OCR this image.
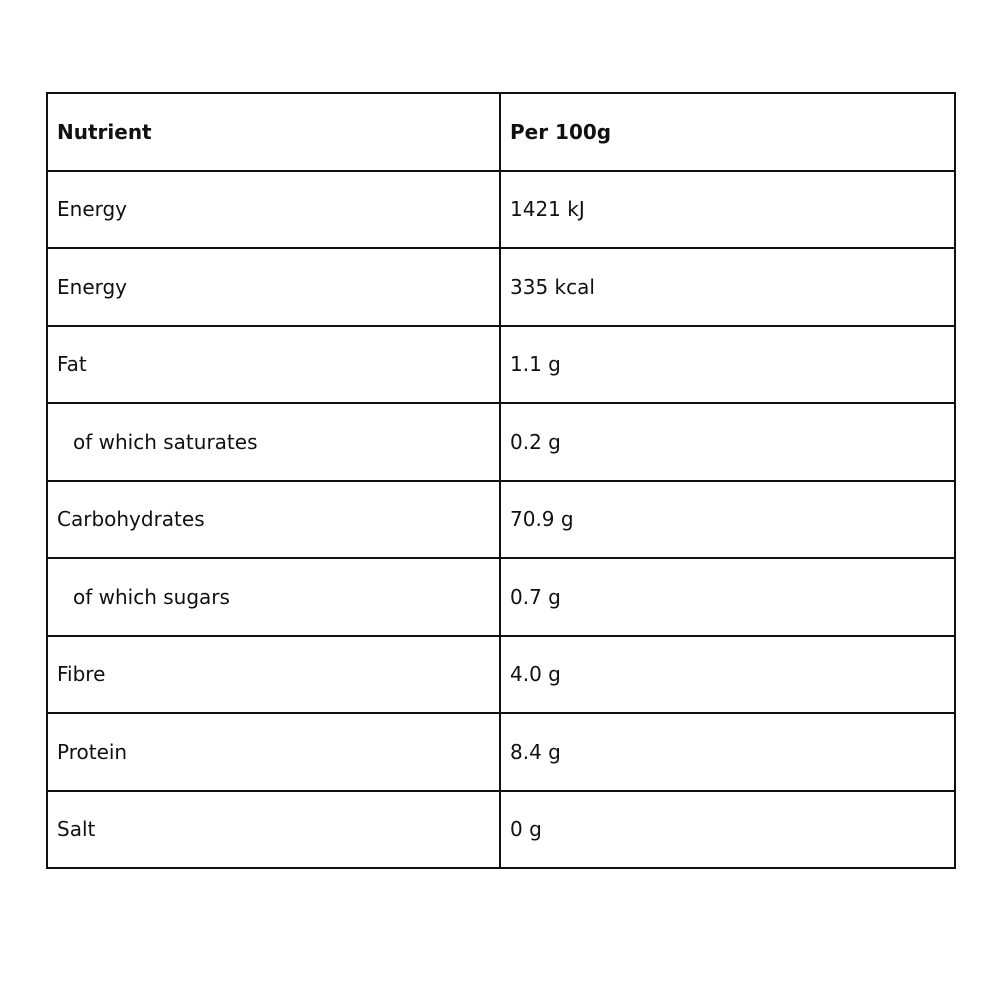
Nutrient	Per 100g
Energy	1421 kJ
Energy	335 kcal
Fat	1.1 g
of which saturates	0.2 g
Carbohydrates	70.9 g
of which sugars	0.7 g
Fibre	4.0 g
Protein	8.4 g
Salt	0 g
